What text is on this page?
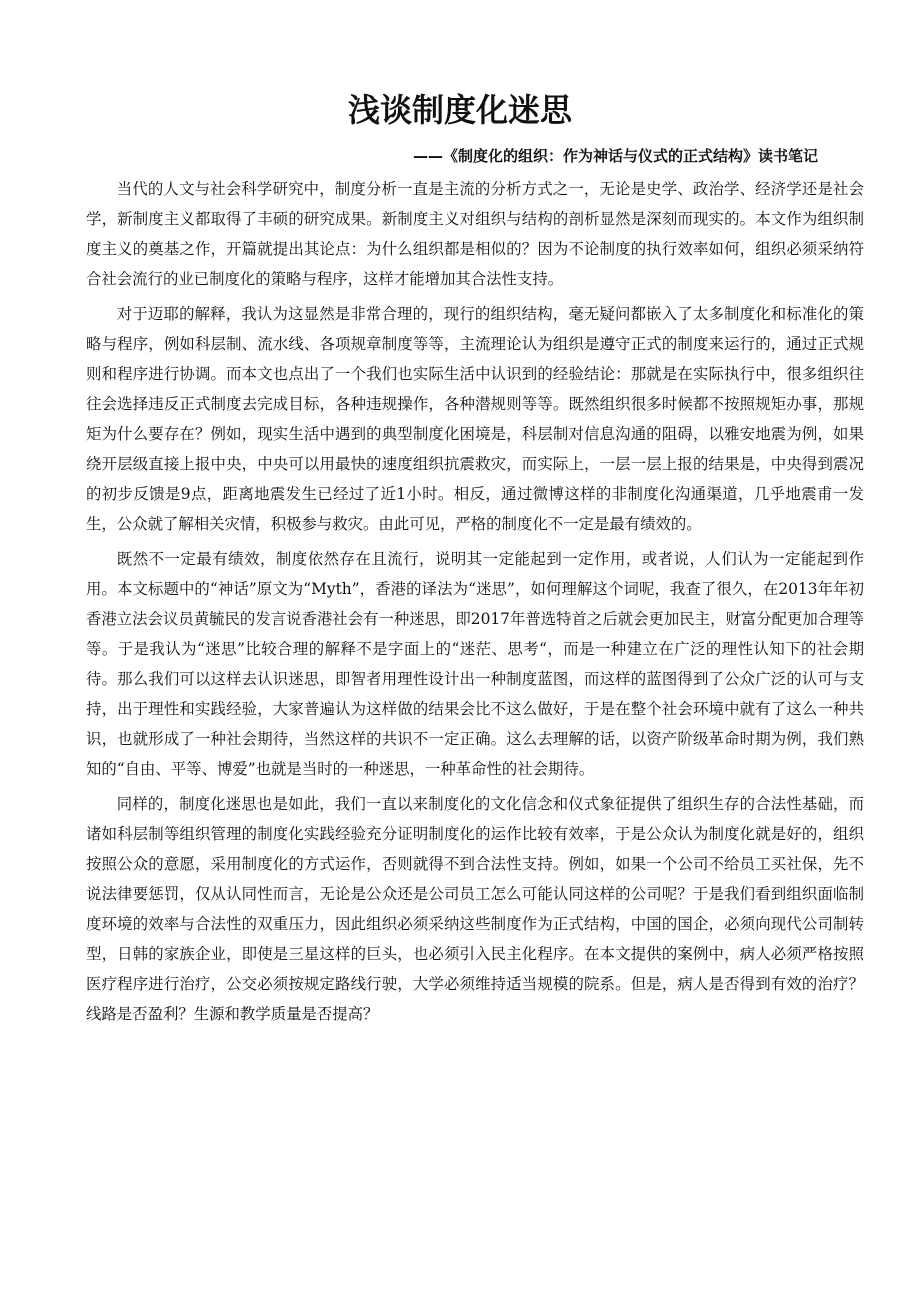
浅谈制度化迷思
——《制度化的组织：作为神话与仪式的正式结构》读书笔记

当代的人文与社会科学研究中，制度分析一直是主流的分析方式之一，无论是史学、政治学、经济学还是社会学，新制度主义都取得了丰硕的研究成果。新制度主义对组织与结构的剖析显然是深刻而现实的。本文作为组织制度主义的奠基之作，开篇就提出其论点：为什么组织都是相似的？因为不论制度的执行效率如何，组织必须采纳符合社会流行的业已制度化的策略与程序，这样才能增加其合法性支持。

对于迈耶的解释，我认为这显然是非常合理的，现行的组织结构，毫无疑问都嵌入了太多制度化和标准化的策略与程序，例如科层制、流水线、各项规章制度等等，主流理论认为组织是遵守正式的制度来运行的，通过正式规则和程序进行协调。而本文也点出了一个我们也实际生活中认识到的经验结论：那就是在实际执行中，很多组织往往会选择违反正式制度去完成目标，各种违规操作，各种潜规则等等。既然组织很多时候都不按照规矩办事，那规矩为什么要存在？例如，现实生活中遇到的典型制度化困境是，科层制对信息沟通的阻碍，以雅安地震为例，如果绕开层级直接上报中央，中央可以用最快的速度组织抗震救灾，而实际上，一层一层上报的结果是，中央得到震况的初步反馈是9点，距离地震发生已经过了近1小时。相反，通过微博这样的非制度化沟通渠道，几乎地震甫一发生，公众就了解相关灾情，积极参与救灾。由此可见，严格的制度化不一定是最有绩效的。

既然不一定最有绩效，制度依然存在且流行，说明其一定能起到一定作用，或者说，人们认为一定能起到作用。本文标题中的“神话”原文为“Myth”，香港的译法为“迷思”，如何理解这个词呢，我查了很久，在2013年年初香港立法会议员黄毓民的发言说香港社会有一种迷思，即2017年普选特首之后就会更加民主，财富分配更加合理等等。于是我认为“迷思”比较合理的解释不是字面上的“迷茫、思考“，而是一种建立在广泛的理性认知下的社会期待。那么我们可以这样去认识迷思，即智者用理性设计出一种制度蓝图，而这样的蓝图得到了公众广泛的认可与支持，出于理性和实践经验，大家普遍认为这样做的结果会比不这么做好，于是在整个社会环境中就有了这么一种共识，也就形成了一种社会期待，当然这样的共识不一定正确。这么去理解的话，以资产阶级革命时期为例，我们熟知的“自由、平等、博爱”也就是当时的一种迷思，一种革命性的社会期待。

同样的，制度化迷思也是如此，我们一直以来制度化的文化信念和仪式象征提供了组织生存的合法性基础，而诸如科层制等组织管理的制度化实践经验充分证明制度化的运作比较有效率，于是公众认为制度化就是好的，组织按照公众的意愿，采用制度化的方式运作，否则就得不到合法性支持。例如，如果一个公司不给员工买社保，先不说法律要惩罚，仅从认同性而言，无论是公众还是公司员工怎么可能认同这样的公司呢？于是我们看到组织面临制度环境的效率与合法性的双重压力，因此组织必须采纳这些制度作为正式结构，中国的国企，必须向现代公司制转型，日韩的家族企业，即使是三星这样的巨头，也必须引入民主化程序。在本文提供的案例中，病人必须严格按照医疗程序进行治疗，公交必须按规定路线行驶，大学必须维持适当规模的院系。但是，病人是否得到有效的治疗？线路是否盈利？生源和教学质量是否提高？
